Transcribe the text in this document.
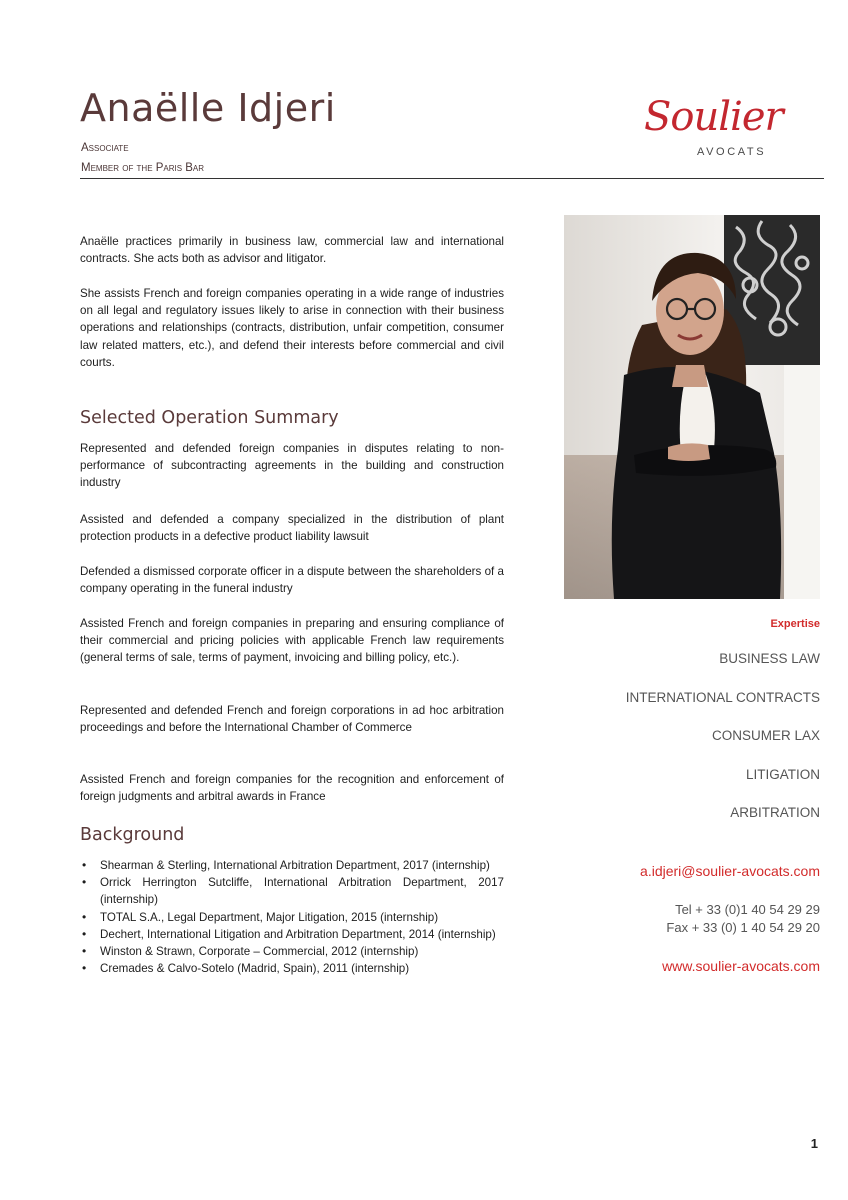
Anaëlle Idjeri
Associate
Member of the Paris Bar
Soulier
AVOCATS
Anaëlle practices primarily in business law, commercial law and international contracts. She acts both as advisor and litigator.
She assists French and foreign companies operating in a wide range of industries on all legal and regulatory issues likely to arise in connection with their business operations and relationships (contracts, distribution, unfair competition, consumer law related matters, etc.), and defend their interests before commercial and civil courts.
Selected Operation Summary
Represented and defended foreign companies in disputes relating to non-performance of subcontracting agreements in the building and construction industry
Assisted and defended a company specialized in the distribution of plant protection products in a defective product liability lawsuit
Defended a dismissed corporate officer in a dispute between the shareholders of a company operating in the funeral industry
Assisted French and foreign companies in preparing and ensuring compliance of their commercial and pricing policies with applicable French law requirements (general terms of sale, terms of payment, invoicing and billing policy, etc.).
Represented and defended French and foreign corporations in ad hoc arbitration proceedings and before the International Chamber of Commerce
Assisted French and foreign companies for the recognition and enforcement of foreign judgments and arbitral awards in France
Background
• Shearman & Sterling, International Arbitration Department, 2017 (internship)
• Orrick Herrington Sutcliffe, International Arbitration Department, 2017 (internship)
• TOTAL S.A., Legal Department, Major Litigation, 2015 (internship)
• Dechert, International Litigation and Arbitration Department, 2014 (internship)
• Winston & Strawn, Corporate – Commercial, 2012 (internship)
• Cremades & Calvo-Sotelo (Madrid, Spain), 2011 (internship)
Expertise
BUSINESS LAW
INTERNATIONAL CONTRACTS
CONSUMER LAX
LITIGATION
ARBITRATION
a.idjeri@soulier-avocats.com
Tel + 33 (0)1 40 54 29 29
Fax + 33 (0) 1 40 54 29 20
www.soulier-avocats.com
1
